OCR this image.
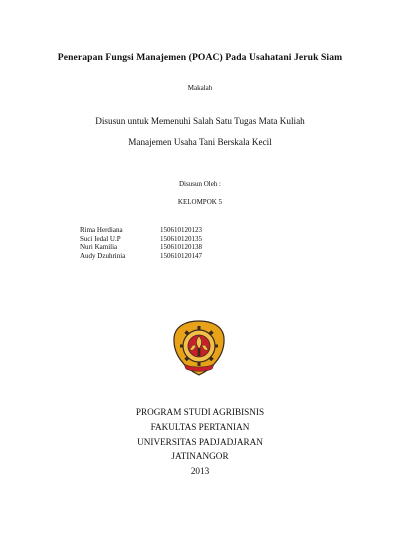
Penerapan Fungsi Manajemen (POAC) Pada Usahatani Jeruk Siam
Makalah
Disusun untuk Memenuhi Salah Satu Tugas Mata Kuliah
Manajemen Usaha Tani Berskala Kecil
Disusun Oleh :
KELOMPOK 5
Rima Herdiana	150610120123
Suci Iedal U.P	150610120135
Nuri Kamilia	150610120138
Audy Dzuhrinia	150610120147
PROGRAM STUDI AGRIBISNIS
FAKULTAS PERTANIAN
UNIVERSITAS PADJADJARAN
JATINANGOR
2013
